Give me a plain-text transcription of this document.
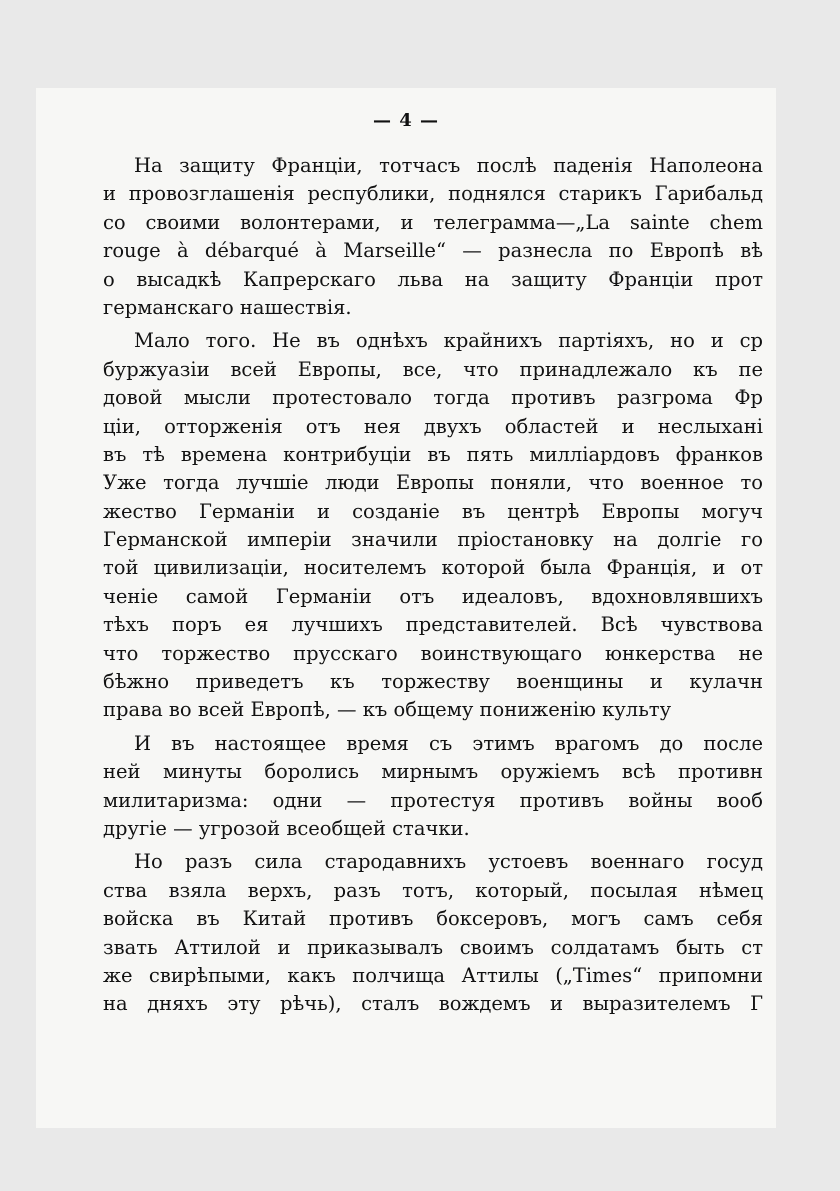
— 4 —
На защиту Франціи, тотчасъ послѣ паденія Наполеона
и провозглашенія республики, поднялся старикъ Гарибальд
со своими волонтерами, и телеграмма—„La sainte chem
rouge à débarqué à Marseille“ — разнесла по Европѣ вѣ
о высадкѣ Капрерскаго льва на защиту Франціи прот
германскаго нашествія.
Мало того. Не въ однѣхъ крайнихъ партіяхъ, но и ср
буржуазіи всей Европы, все, что принадлежало къ пе
довой мысли протестовало тогда противъ разгрома Фр
ціи, отторженія отъ нея двухъ областей и неслыхані
въ тѣ времена контрибуціи въ пять милліардовъ франков
Уже тогда лучшіе люди Европы поняли, что военное то
жество Германіи и созданіе въ центрѣ Европы могуч
Германской имперіи значили пріостановку на долгіе го
той цивилизаціи, носителемъ которой была Франція, и от
ченіе самой Германіи отъ идеаловъ, вдохновлявшихъ
тѣхъ поръ ея лучшихъ представителей. Всѣ чувствова
что торжество прусскаго воинствующаго юнкерства не
бѣжно приведетъ къ торжеству военщины и кулачн
права во всей Европѣ, — къ общему пониженію культу
И въ настоящее время съ этимъ врагомъ до после
ней минуты боролись мирнымъ оружіемъ всѣ противн
милитаризма: одни — протестуя противъ войны вооб
другіе — угрозой всеобщей стачки.
Но разъ сила стародавнихъ устоевъ военнаго госуд
ства взяла верхъ, разъ тотъ, который, посылая нѣмец
войска въ Китай противъ боксеровъ, могъ самъ себя
звать Аттилой и приказывалъ своимъ солдатамъ быть ст
же свирѣпыми, какъ полчища Аттилы („Times“ припомни
на дняхъ эту рѣчь), сталъ вождемъ и выразителемъ Г
